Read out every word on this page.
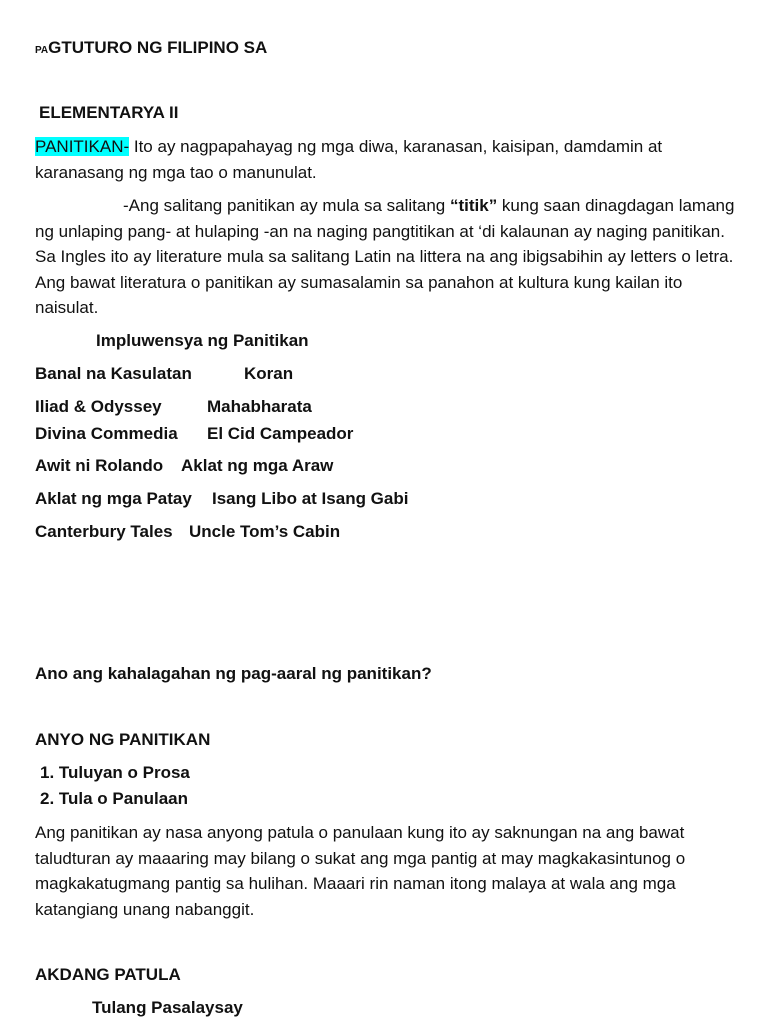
PAGTUTURO NG FILIPINO SA
ELEMENTARYA II
PANITIKAN- Ito ay nagpapahayag ng mga diwa, karanasan, kaisipan, damdamin at karanasang ng mga tao o manunulat.
-Ang salitang panitikan ay mula sa salitang “titik” kung saan dinagdagan lamang ng unlaping pang- at hulaping -an na naging pangtitikan at ‘di kalaunan ay naging panitikan. Sa Ingles ito ay literature mula sa salitang Latin na littera na ang ibigsabihin ay letters o letra. Ang bawat literatura o panitikan ay sumasalamin sa panahon at kultura kung kailan ito naisulat.
Impluwensya ng Panitikan
Banal na Kasulatan	Koran
Iliad & Odyssey	Mahabharata
Divina Commedia El Cid Campeador
Awit ni Rolando Aklat ng mga Araw
Aklat ng mga Patay Isang Libo at Isang Gabi
Canterbury Tales Uncle Tom’s Cabin
Ano ang kahalagahan ng pag-aaral ng panitikan?
ANYO NG PANITIKAN
1. Tuluyan o Prosa
2. Tula o Panulaan
Ang panitikan ay nasa anyong patula o panulaan kung ito ay saknungan na ang bawat taludturan ay maaaring may bilang o sukat ang mga pantig at may magkakasintunog o magkakatugmang pantig sa hulihan. Maaari rin naman itong malaya at wala ang mga katangiang unang nabanggit.
AKDANG PATULA
Tulang Pasalaysay
